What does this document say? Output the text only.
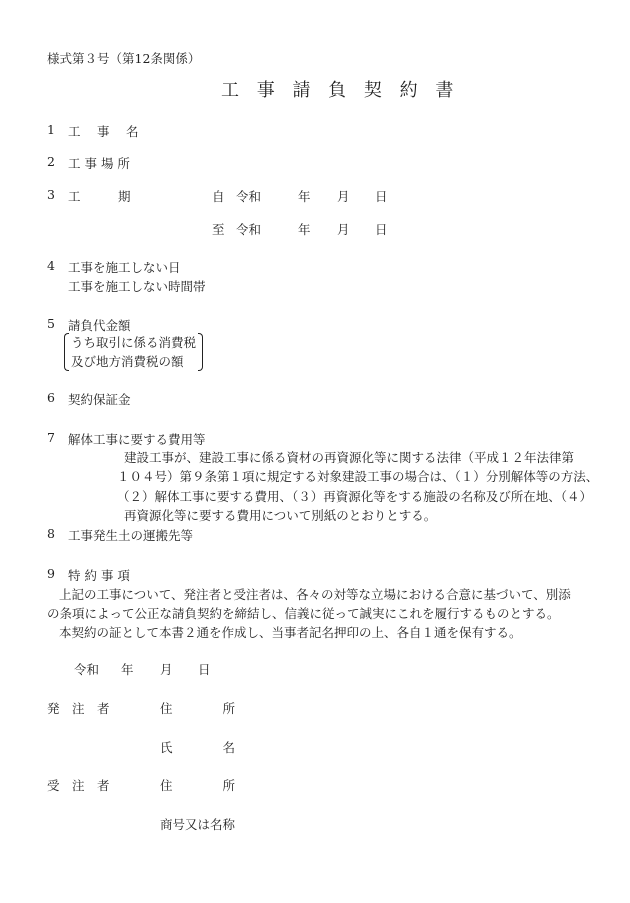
様式第３号（第12条関係）
工 事 請 負 契 約 書
1 工　 事　 名
2 工 事 場 所
3 工　　　期	自 令和	年 月 日
至 令和	年 月 日
4 工事を施工しない日
工事を施工しない時間帯
5 請負代金額
うち取引に係る消費税
及び地方消費税の額
6 契約保証金
7 解体工事に要する費用等
建設工事が、建設工事に係る資材の再資源化等に関する法律（平成１２年法律第
１０４号）第９条第１項に規定する対象建設工事の場合は、（１）分別解体等の方法、
（２）解体工事に要する費用、（３）再資源化等をする施設の名称及び所在地、（４）
再資源化等に要する費用について別紙のとおりとする。
8 工事発生土の運搬先等
9 特 約 事 項
上記の工事について、発注者と受注者は、各々の対等な立場における合意に基づいて、別添
の条項によって公正な請負契約を締結し、信義に従って誠実にこれを履行するものとする。
本契約の証として本書２通を作成し、当事者記名押印の上、各自１通を保有する。
令和 年 月 日
発　注　者	住　　　　所
氏　　　　名
受　注　者	住　　　　所
商号又は名称
